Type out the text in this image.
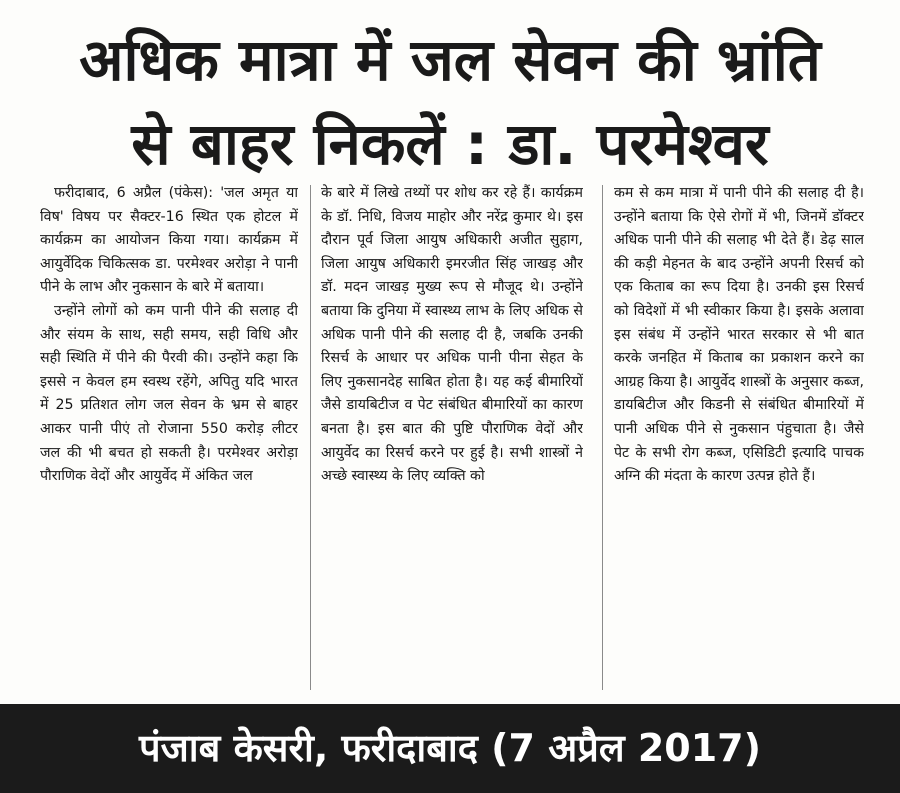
अधिक मात्रा में जल सेवन की भ्रांति
से बाहर निकलें : डा. परमेश्वर

फरीदाबाद, 6 अप्रैल (पंकेस): 'जल अमृत या विष' विषय पर सैक्टर-16 स्थित एक होटल में कार्यक्रम का आयोजन किया गया। कार्यक्रम में आयुर्वेदिक चिकित्सक डा. परमेश्वर अरोड़ा ने पानी पीने के लाभ और नुकसान के बारे में बताया।

उन्होंने लोगों को कम पानी पीने की सलाह दी और संयम के साथ, सही समय, सही विधि और सही स्थिति में पीने की पैरवी की। उन्होंने कहा कि इससे न केवल हम स्वस्थ रहेंगे, अपितु यदि भारत में 25 प्रतिशत लोग जल सेवन के भ्रम से बाहर आकर पानी पीएं तो रोजाना 550 करोड़ लीटर जल की भी बचत हो सकती है। परमेश्वर अरोड़ा पौराणिक वेदों और आयुर्वेद में अंकित जल

के बारे में लिखे तथ्यों पर शोध कर रहे हैं। कार्यक्रम के डॉ. निधि, विजय माहोर और नरेंद्र कुमार थे। इस दौरान पूर्व जिला आयुष अधिकारी अजीत सुहाग, जिला आयुष अधिकारी इमरजीत सिंह जाखड़ और डॉ. मदन जाखड़ मुख्य रूप से मौजूद थे। उन्होंने बताया कि दुनिया में स्वास्थ्य लाभ के लिए अधिक से अधिक पानी पीने की सलाह दी है, जबकि उनकी रिसर्च के आधार पर अधिक पानी पीना सेहत के लिए नुकसानदेह साबित होता है। यह कई बीमारियों जैसे डायबिटीज व पेट संबंधित बीमारियों का कारण बनता है। इस बात की पुष्टि पौराणिक वेदों और आयुर्वेद का रिसर्च करने पर हुई है। सभी शास्त्रों ने अच्छे स्वास्थ्य के लिए व्यक्ति को

कम से कम मात्रा में पानी पीने की सलाह दी है। उन्होंने बताया कि ऐसे रोगों में भी, जिनमें डॉक्टर अधिक पानी पीने की सलाह भी देते हैं। डेढ़ साल की कड़ी मेहनत के बाद उन्होंने अपनी रिसर्च को एक किताब का रूप दिया है। उनकी इस रिसर्च को विदेशों में भी स्वीकार किया है। इसके अलावा इस संबंध में उन्होंने भारत सरकार से भी बात करके जनहित में किताब का प्रकाशन करने का आग्रह किया है। आयुर्वेद शास्त्रों के अनुसार कब्ज, डायबिटीज और किडनी से संबंधित बीमारियों में पानी अधिक पीने से नुकसान पंहुचाता है। जैसे पेट के सभी रोग कब्ज, एसिडिटी इत्यादि पाचक अग्नि की मंदता के कारण उत्पन्न होते हैं।

पंजाब केसरी, फरीदाबाद (7 अप्रैल 2017)
